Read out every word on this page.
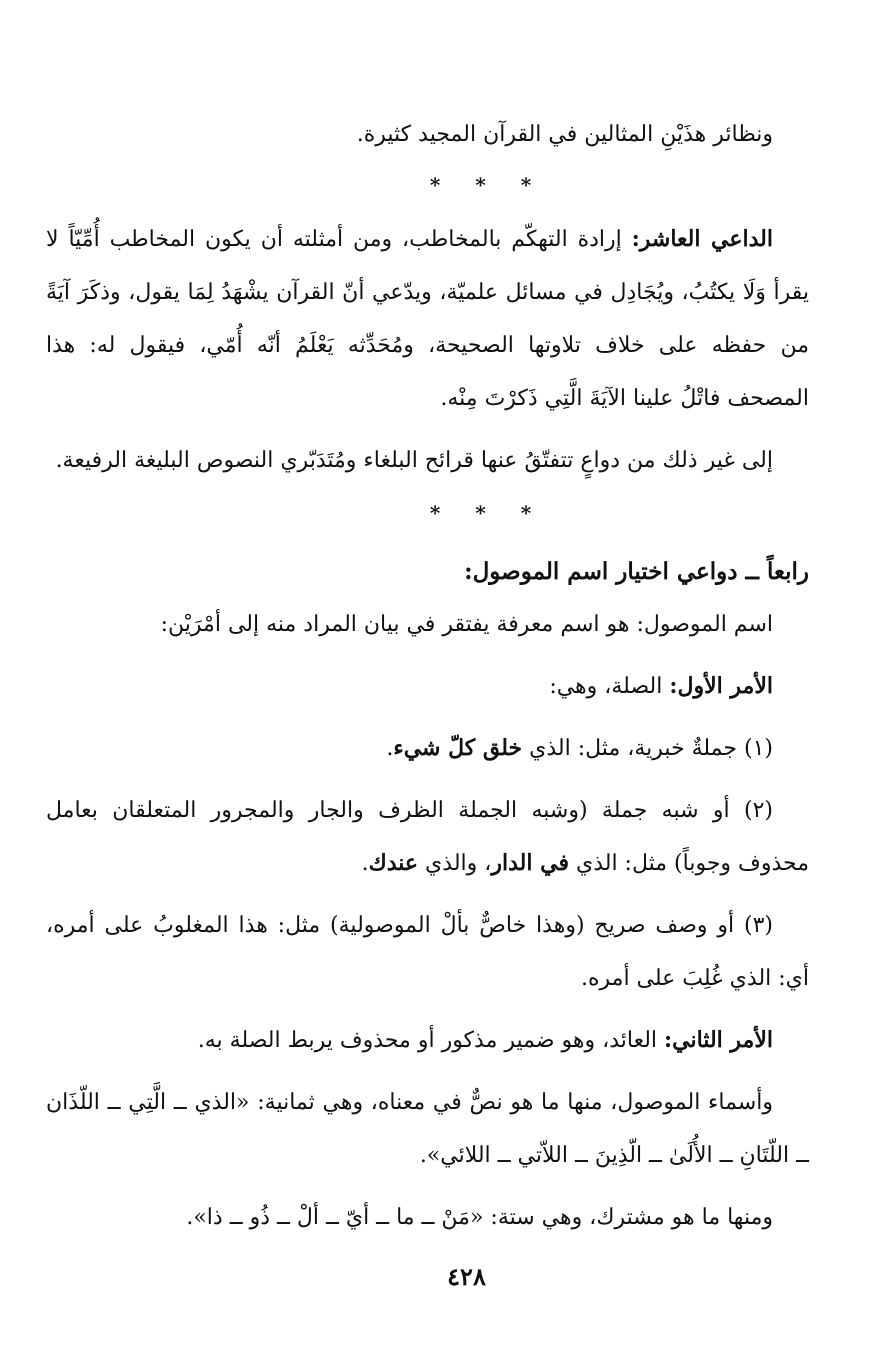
ونظائر هذَيْنِ المثالين في القرآن المجيد كثيرة.

* * *

الداعي العاشر: إرادة التهكّم بالمخاطب، ومن أمثلته أن يكون المخاطب أُمِّيّاً لا يقرأ وَلَا يكتُبُ، ويُجَادِل في مسائل علميّة، ويدّعي أنّ القرآن يشْهَدُ لِمَا يقول، وذكَرَ آيَةً من حفظه على خلاف تلاوتها الصحيحة، ومُحَدِّثه يَعْلَمُ أنّه أُمّي، فيقول له: هذا المصحف فاتْلُ علينا الآيَةَ الَّتِي ذَكرْتَ مِنْه.

إلى غير ذلك من دواعٍ تتفتّقُ عنها قرائح البلغاء ومُتَدَبّري النصوص البليغة الرفيعة.

* * *

رابعاً ــ دواعي اختيار اسم الموصول:

اسم الموصول: هو اسم معرفة يفتقر في بيان المراد منه إلى أمْرَيْن:

الأمر الأول: الصلة، وهي:

(١) جملةٌ خبرية، مثل: الذي خلق كلّ شيء.

(٢) أو شبه جملة (وشبه الجملة الظرف والجار والمجرور المتعلقان بعامل محذوف وجوباً) مثل: الذي في الدار، والذي عندك.

(٣) أو وصف صريح (وهذا خاصٌّ بألْ الموصولية) مثل: هذا المغلوبُ على أمره، أي: الذي غُلِبَ على أمره.

الأمر الثاني: العائد، وهو ضمير مذكور أو محذوف يربط الصلة به.

وأسماء الموصول، منها ما هو نصٌّ في معناه، وهي ثمانية: «الذي ــ الَّتِي ــ اللّذَان ــ اللّتَانِ ــ الأُلَىٰ ــ الّذِينَ ــ اللاّتي ــ اللائي».

ومنها ما هو مشترك، وهي ستة: «مَنْ ــ ما ــ أيّ ــ ألْ ــ ذُو ــ ذا».

٤٢٨
